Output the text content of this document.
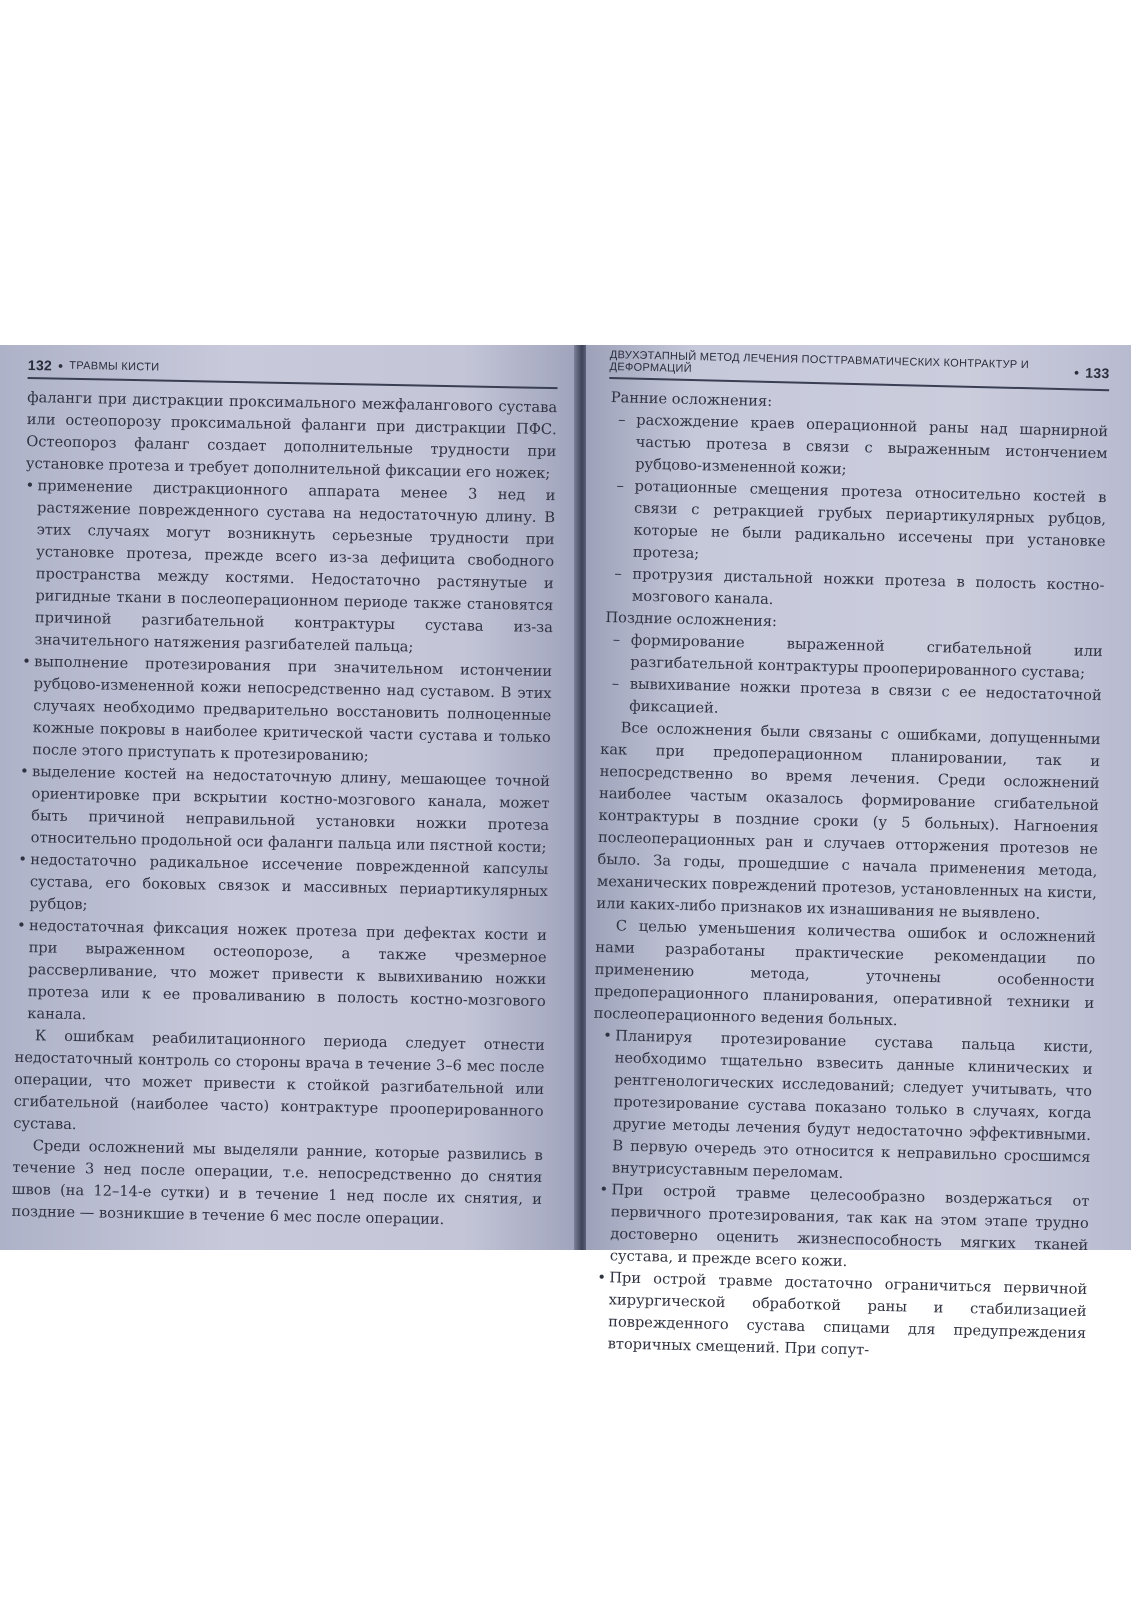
132 • ТРАВМЫ КИСТИ

фаланги при дистракции проксимального межфалангового сустава или остеопорозу проксимальной фаланги при дистракции ПФС. Остеопороз фаланг создает дополнительные трудности при установке протеза и требует дополнительной фиксации его ножек;

• применение дистракционного аппарата менее 3 нед и растяжение поврежденного сустава на недостаточную длину. В этих случаях могут возникнуть серьезные трудности при установке протеза, прежде всего из-за дефицита свободного пространства между костями. Недостаточно растянутые и ригидные ткани в послеоперационном периоде также становятся причиной разгибательной контрактуры сустава из-за значительного натяжения разгибателей пальца;

• выполнение протезирования при значительном истончении рубцово-измененной кожи непосредственно над суставом. В этих случаях необходимо предварительно восстановить полноценные кожные покровы в наиболее критической части сустава и только после этого приступать к протезированию;

• выделение костей на недостаточную длину, мешающее точной ориентировке при вскрытии костно-мозгового канала, может быть причиной неправильной установки ножки протеза относительно продольной оси фаланги пальца или пястной кости;

• недостаточно радикальное иссечение поврежденной капсулы сустава, его боковых связок и массивных периартикулярных рубцов;

• недостаточная фиксация ножек протеза при дефектах кости и при выраженном остеопорозе, а также чрезмерное рассверливание, что может привести к вывихиванию ножки протеза или к ее проваливанию в полость костно-мозгового канала.

К ошибкам реабилитационного периода следует отнести недостаточный контроль со стороны врача в течение 3–6 мес после операции, что может привести к стойкой разгибательной или сгибательной (наиболее часто) контрактуре прооперированного сустава.

Среди осложнений мы выделяли ранние, которые развились в течение 3 нед после операции, т.е. непосредственно до снятия швов (на 12–14-е сутки) и в течение 1 нед после их снятия, и поздние — возникшие в течение 6 мес после операции.

ДВУХЭТАПНЫЙ МЕТОД ЛЕЧЕНИЯ ПОСТТРАВМАТИЧЕСКИХ КОНТРАКТУР И ДЕФОРМАЦИЙ	• 133

Ранние осложнения:

– расхождение краев операционной раны над шарнирной частью протеза в связи с выраженным истончением рубцово-измененной кожи;

– ротационные смещения протеза относительно костей в связи с ретракцией грубых периартикулярных рубцов, которые не были радикально иссечены при установке протеза;

– протрузия дистальной ножки протеза в полость костно-мозгового канала.

Поздние осложнения:

– формирование выраженной сгибательной или разгибательной контрактуры прооперированного сустава;

– вывихивание ножки протеза в связи с ее недостаточной фиксацией.

Все осложнения были связаны с ошибками, допущенными как при предоперационном планировании, так и непосредственно во время лечения. Среди осложнений наиболее частым оказалось формирование сгибательной контрактуры в поздние сроки (у 5 больных). Нагноения послеоперационных ран и случаев отторжения протезов не было. За годы, прошедшие с начала применения метода, механических повреждений протезов, установленных на кисти, или каких-либо признаков их изнашивания не выявлено.

С целью уменьшения количества ошибок и осложнений нами разработаны практические рекомендации по применению метода, уточнены особенности предоперационного планирования, оперативной техники и послеоперационного ведения больных.

• Планируя протезирование сустава пальца кисти, необходимо тщательно взвесить данные клинических и рентгенологических исследований; следует учитывать, что протезирование сустава показано только в случаях, когда другие методы лечения будут недостаточно эффективными. В первую очередь это относится к неправильно сросшимся внутрисуставным переломам.

• При острой травме целесообразно воздержаться от первичного протезирования, так как на этом этапе трудно достоверно оценить жизнеспособность мягких тканей сустава, и прежде всего кожи.

• При острой травме достаточно ограничиться первичной хирургической обработкой раны и стабилизацией поврежденного сустава спицами для предупреждения вторичных смещений. При сопут-
